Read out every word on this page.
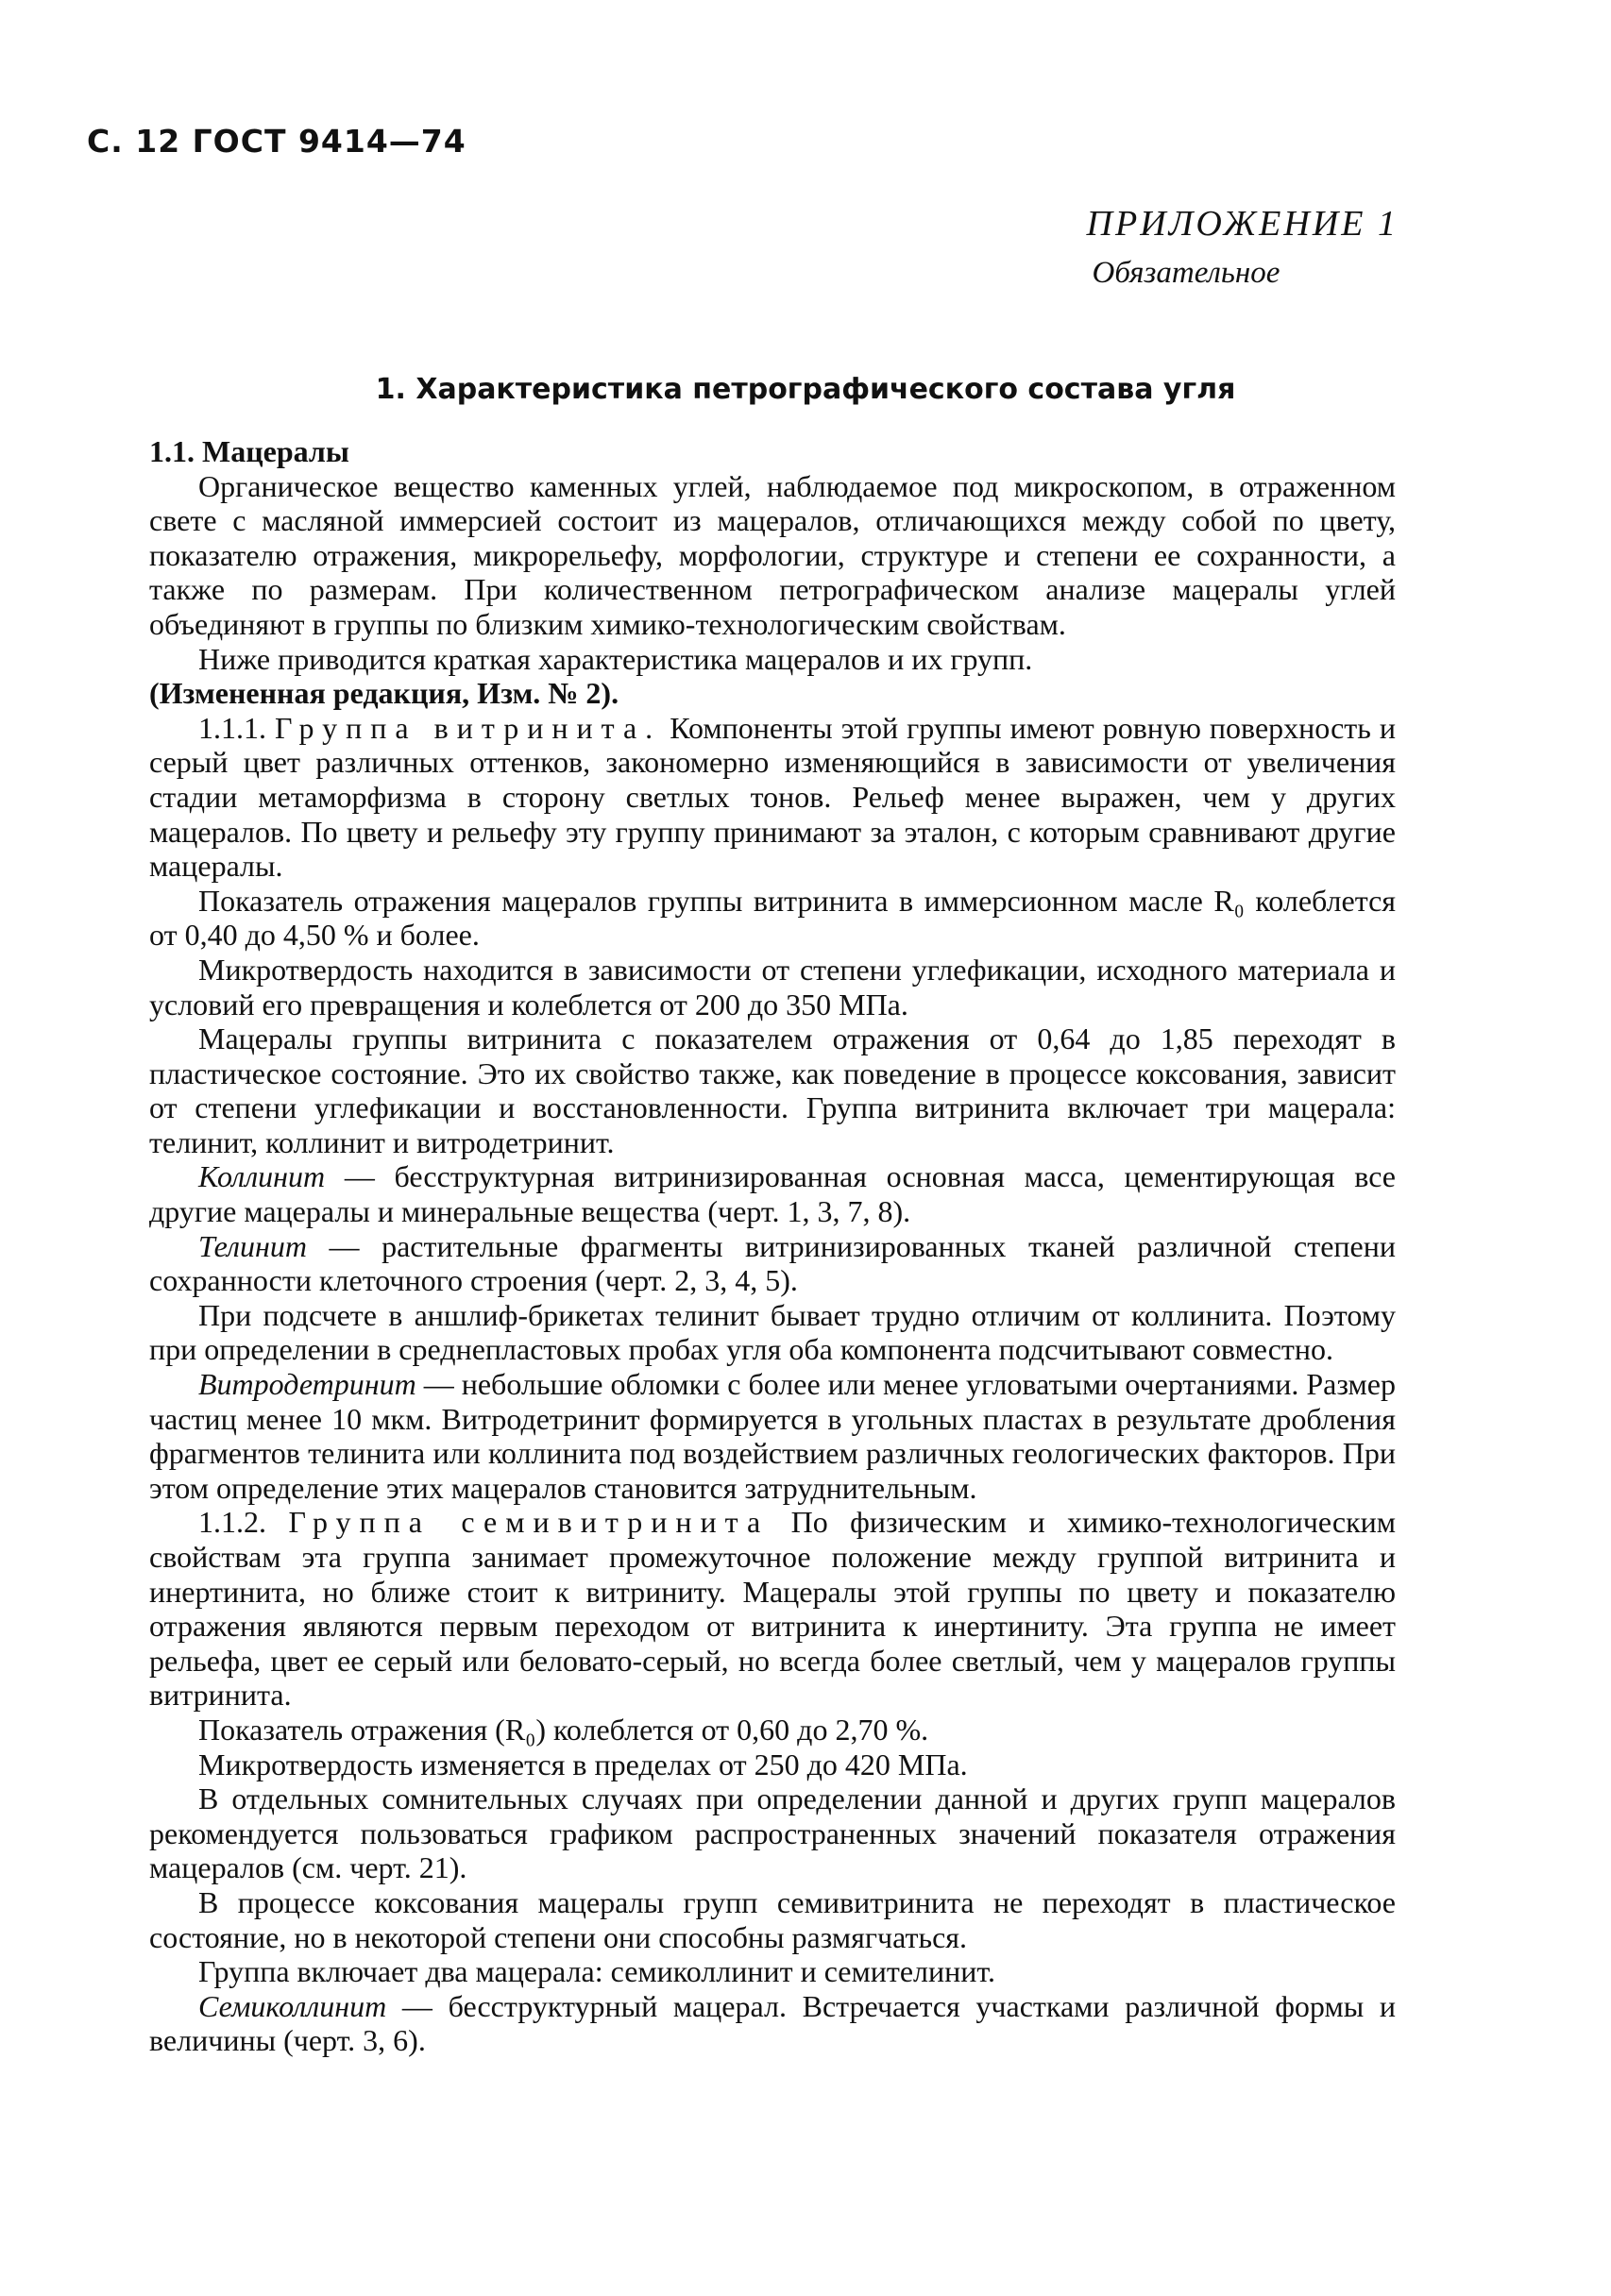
С. 12 ГОСТ 9414—74
ПРИЛОЖЕНИЕ 1
Обязательное
1. Характеристика петрографического состава угля

1.1. Мацералы

Органическое вещество каменных углей, наблюдаемое под микроскопом, в отраженном свете с масляной иммерсией состоит из мацералов, отличающихся между собой по цвету, показателю отражения, микрорельефу, морфологии, структуре и степени ее сохранности, а также по размерам. При количественном петрографическом анализе мацералы углей объединяют в группы по близким химико-технологическим свойствам.

Ниже приводится краткая характеристика мацералов и их групп.

(Измененная редакция, Изм. № 2).

1.1.1. Группа витринита. Компоненты этой группы имеют ровную поверхность и серый цвет различных оттенков, закономерно изменяющийся в зависимости от увеличения стадии метаморфизма в сторону светлых тонов. Рельеф менее выражен, чем у других мацералов. По цвету и рельефу эту группу принимают за эталон, с которым сравнивают другие мацералы.

Показатель отражения мацералов группы витринита в иммерсионном масле R₀ колеблется от 0,40 до 4,50 % и более.

Микротвердость находится в зависимости от степени углефикации, исходного материала и условий его превращения и колеблется от 200 до 350 МПа.

Мацералы группы витринита с показателем отражения от 0,64 до 1,85 переходят в пластическое состояние. Это их свойство также, как поведение в процессе коксования, зависит от степени углефикации и восстановленности. Группа витринита включает три мацерала: телинит, коллинит и витродетринит.

Коллинит — бесструктурная витринизированная основная масса, цементирующая все другие мацералы и минеральные вещества (черт. 1, 3, 7, 8).

Телинит — растительные фрагменты витринизированных тканей различной степени сохранности клеточного строения (черт. 2, 3, 4, 5).

При подсчете в аншлиф-брикетах телинит бывает трудно отличим от коллинита. Поэтому при определении в среднепластовых пробах угля оба компонента подсчитывают совместно.

Витродетринит — небольшие обломки с более или менее угловатыми очертаниями. Размер частиц менее 10 мкм. Витродетринит формируется в угольных пластах в результате дробления фрагментов телинита или коллинита под воздействием различных геологических факторов. При этом определение этих мацералов становится затруднительным.

1.1.2. Группа семивитринита По физическим и химико-технологическим свойствам эта группа занимает промежуточное положение между группой витринита и инертинита, но ближе стоит к витриниту. Мацералы этой группы по цвету и показателю отражения являются первым переходом от витринита к инертиниту. Эта группа не имеет рельефа, цвет ее серый или беловато-серый, но всегда более светлый, чем у мацералов группы витринита.

Показатель отражения (R₀) колеблется от 0,60 до 2,70 %.

Микротвердость изменяется в пределах от 250 до 420 МПа.

В отдельных сомнительных случаях при определении данной и других групп мацералов рекомендуется пользоваться графиком распространенных значений показателя отражения мацералов (см. черт. 21).

В процессе коксования мацералы групп семивитринита не переходят в пластическое состояние, но в некоторой степени они способны размягчаться.

Группа включает два мацерала: семиколлинит и семителинит.

Семиколлинит — бесструктурный мацерал. Встречается участками различной формы и величины (черт. 3, 6).
